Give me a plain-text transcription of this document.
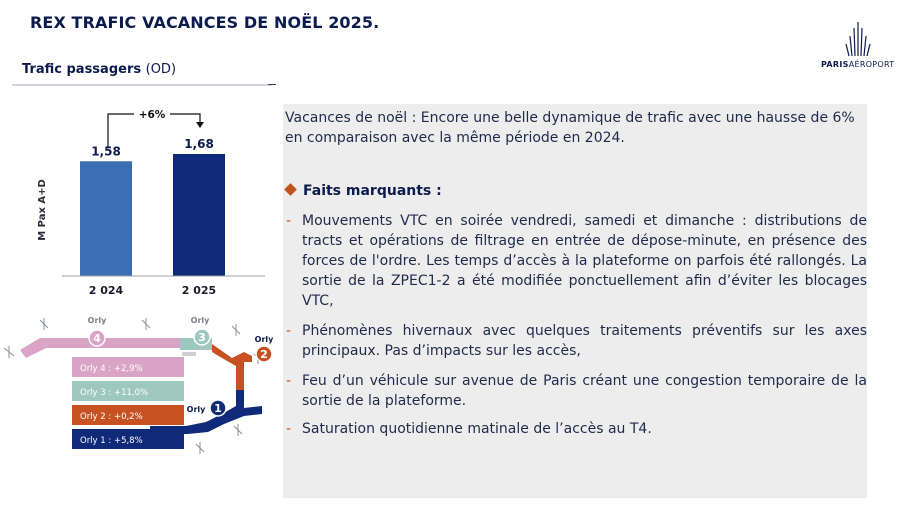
REX TRAFIC VACANCES DE NOËL 2025.
Trafic passagers (OD)	PARISAÉROPORT
M Pax A+D
1,58
2 024
1,68
2 025
+6%
4
Orly
3
Orly
2
Orly
1
Orly
Orly 4 : +2,9%
Orly 3 : +11,0%
Orly 2 : +0,2%
Orly 1 : +5,8%
Vacances de noël : Encore une belle dynamique de trafic avec une hausse de 6% en comparaison avec la même période en 2024.
Faits marquants :
- Mouvements VTC en soirée vendredi, samedi et dimanche : distributions de tracts et opérations de filtrage en entrée de dépose-minute, en présence des forces de l'ordre. Les temps d’accès à la plateforme on parfois été rallongés. La sortie de la ZPEC1-2 a été modifiée ponctuellement afin d’éviter les blocages VTC,
- Phénomènes hivernaux avec quelques traitements préventifs sur les axes principaux. Pas d’impacts sur les accès,
- Feu d’un véhicule sur avenue de Paris créant une congestion temporaire de la sortie de la plateforme.
- Saturation quotidienne matinale de l’accès au T4.
